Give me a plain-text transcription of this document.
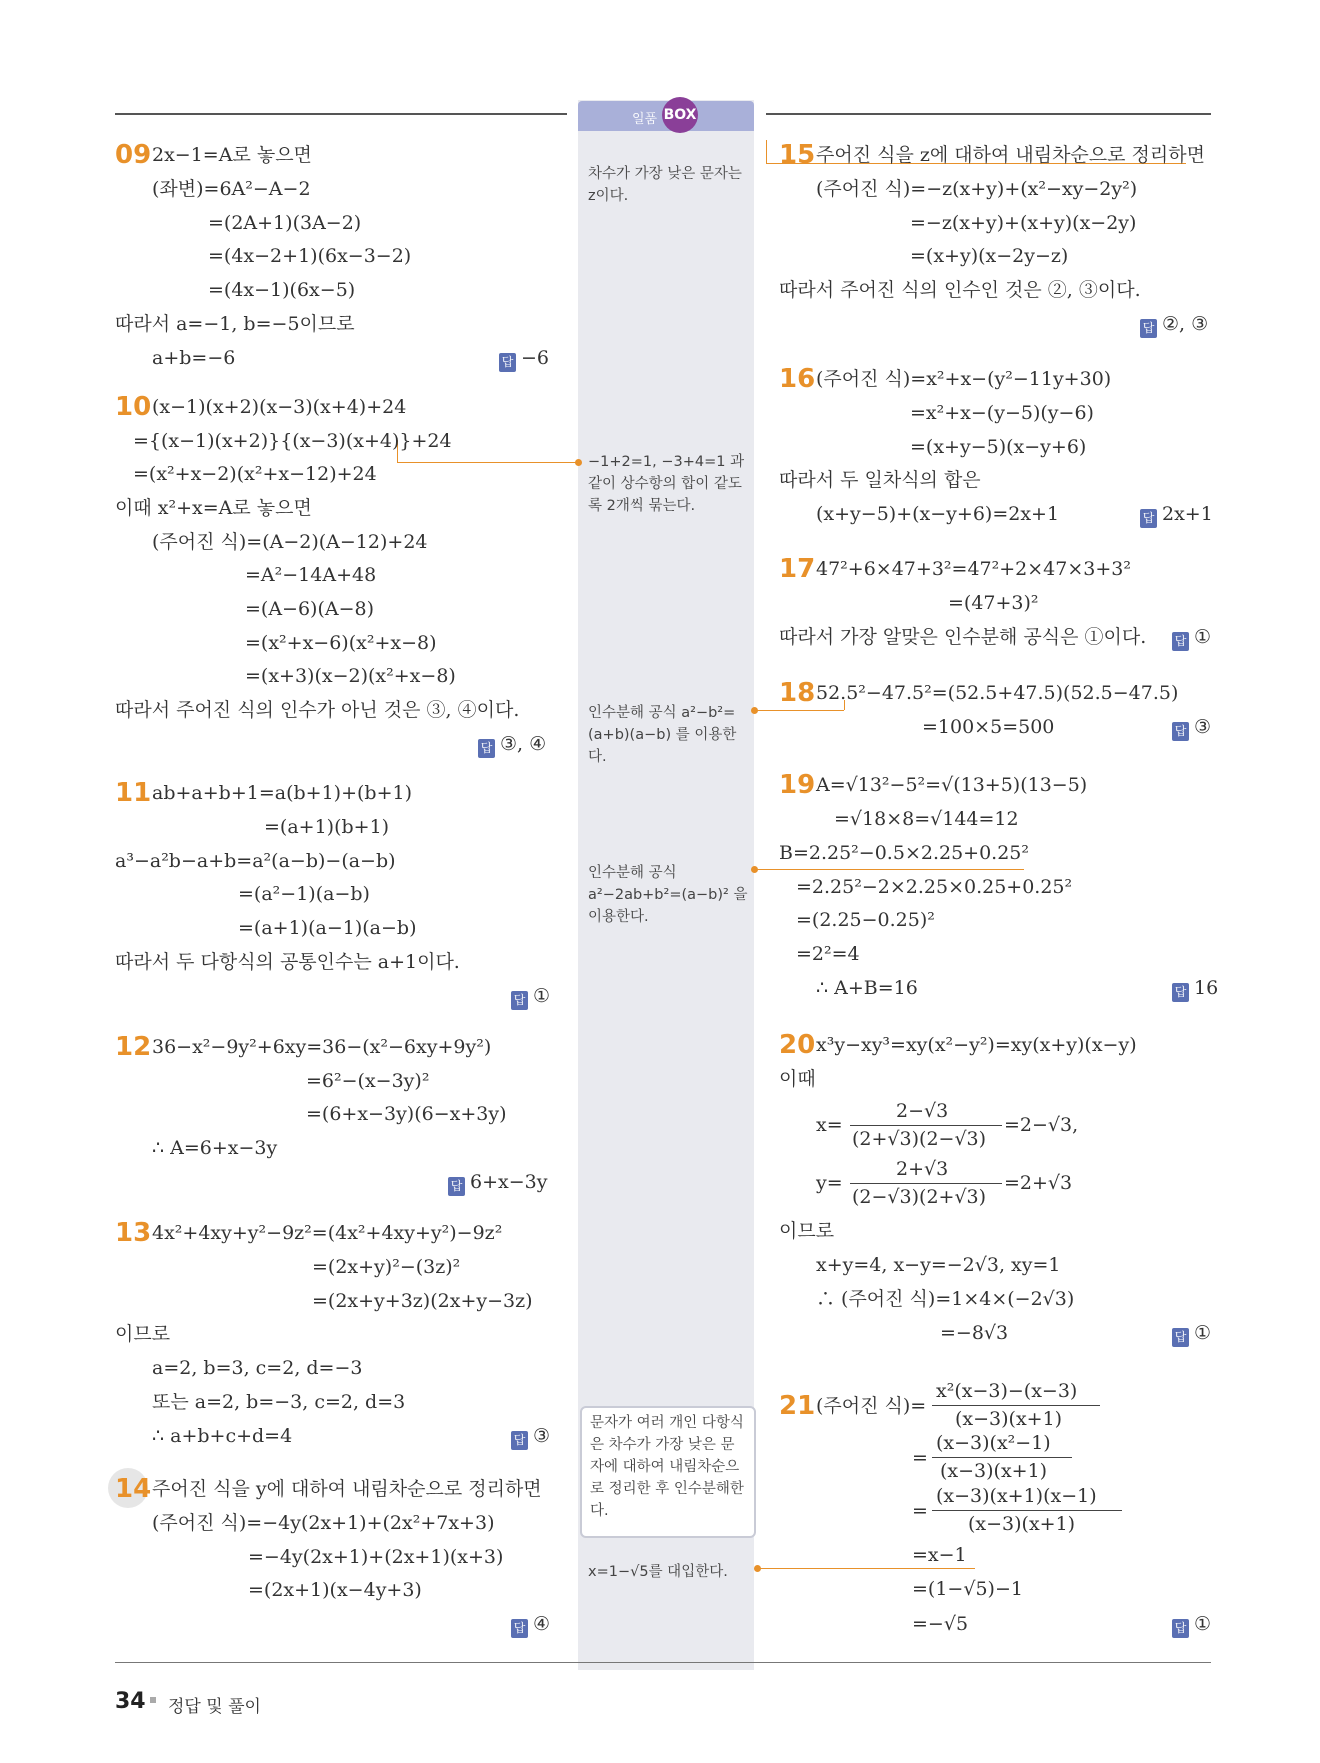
일품 BOX
차수가 가장 낮은 문자는 z이다.
−1+2=1, −3+4=1 과 같이 상수항의 합이 같도록 2개씩 묶는다.
인수분해 공식 a²−b²=(a+b)(a−b) 를 이용한다.
인수분해 공식 a²−2ab+b²=(a−b)² 을 이용한다.
문자가 여러 개인 다항식은 차수가 가장 낮은 문자에 대하여 내림차순으로 정리한 후 인수분해한다.
x=1−√5를 대입한다.
09 2x−1=A로 놓으면
(좌변)=6A²−A−2
=(2A+1)(3A−2)
=(4x−2+1)(6x−3−2)
=(4x−1)(6x−5)
따라서 a=−1, b=−5이므로
a+b=−6	답 −6
10 (x−1)(x+2)(x−3)(x+4)+24
={(x−1)(x+2)}{(x−3)(x+4)}+24
=(x²+x−2)(x²+x−12)+24
이때 x²+x=A로 놓으면
(주어진 식)=(A−2)(A−12)+24
=A²−14A+48
=(A−6)(A−8)
=(x²+x−6)(x²+x−8)
=(x+3)(x−2)(x²+x−8)
따라서 주어진 식의 인수가 아닌 것은 ③, ④이다.
답 ③, ④
11 ab+a+b+1=a(b+1)+(b+1)
=(a+1)(b+1)
a³−a²b−a+b=a²(a−b)−(a−b)
=(a²−1)(a−b)
=(a+1)(a−1)(a−b)
따라서 두 다항식의 공통인수는 a+1이다.
답 ①
12 36−x²−9y²+6xy=36−(x²−6xy+9y²)
=6²−(x−3y)²
=(6+x−3y)(6−x+3y)
∴ A=6+x−3y
답 6+x−3y
13 4x²+4xy+y²−9z²=(4x²+4xy+y²)−9z²
=(2x+y)²−(3z)²
=(2x+y+3z)(2x+y−3z)
이므로
a=2, b=3, c=2, d=−3
또는 a=2, b=−3, c=2, d=3
∴ a+b+c+d=4	답 ③
14 주어진 식을 y에 대하여 내림차순으로 정리하면
(주어진 식)=−4y(2x+1)+(2x²+7x+3)
=−4y(2x+1)+(2x+1)(x+3)
=(2x+1)(x−4y+3)
답 ④
15 주어진 식을 z에 대하여 내림차순으로 정리하면
(주어진 식)=−z(x+y)+(x²−xy−2y²)
=−z(x+y)+(x+y)(x−2y)
=(x+y)(x−2y−z)
따라서 주어진 식의 인수인 것은 ②, ③이다.
답 ②, ③
16 (주어진 식)=x²+x−(y²−11y+30)
=x²+x−(y−5)(y−6)
=(x+y−5)(x−y+6)
따라서 두 일차식의 합은
(x+y−5)+(x−y+6)=2x+1	답 2x+1
17 47²+6×47+3²=47²+2×47×3+3²
=(47+3)²
따라서 가장 알맞은 인수분해 공식은 ①이다. 답 ①
18 52.5²−47.5²=(52.5+47.5)(52.5−47.5)
=100×5=500	답 ③
19 A=√13²−5²=√(13+5)(13−5)
=√18×8=√144=12
B=2.25²−0.5×2.25+0.25²
=2.25²−2×2.25×0.25+0.25²
=(2.25−0.25)²
=2²=4
∴ A+B=16	답 16
20 x³y−xy³=xy(x²−y²)=xy(x+y)(x−y)
이때
x=
2−√3
(2+√3)(2−√3)
=2−√3,
y=
2+√3
(2−√3)(2+√3)
=2+√3
이므로
x+y=4, x−y=−2√3, xy=1
∴ (주어진 식)=1×4×(−2√3)
=−8√3	답 ①
21 (주어진 식)=
x²(x−3)−(x−3)
(x−3)(x+1)
=
(x−3)(x²−1)
(x−3)(x+1)
=
(x−3)(x+1)(x−1)
(x−3)(x+1)
=x−1
=(1−√5)−1
=−√5	답 ①
34 정답 및 풀이
